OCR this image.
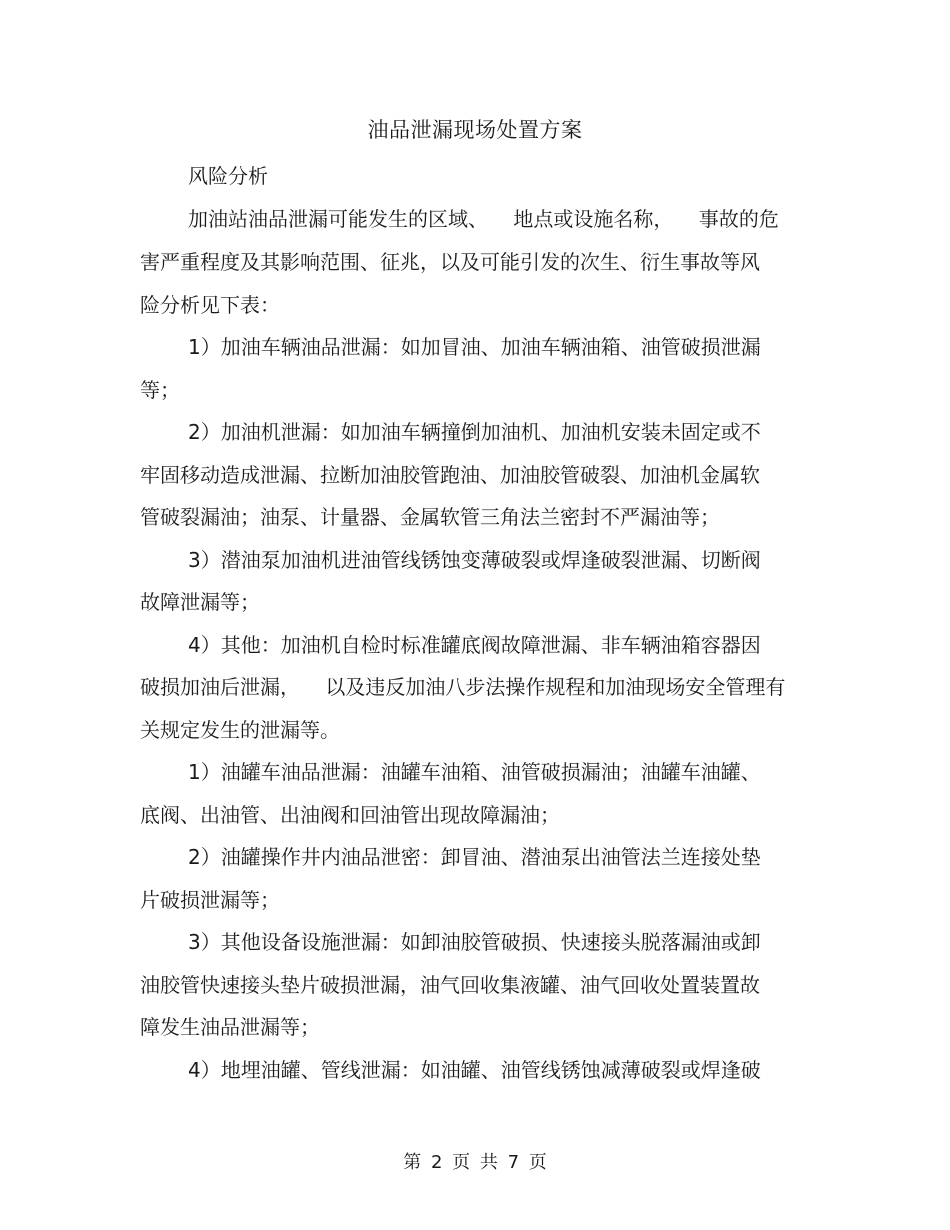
油品泄漏现场处置方案
风险分析
加油站油品泄漏可能发生的区域、    地点或设施名称，    事故的危
害严重程度及其影响范围、征兆，以及可能引发的次生、衍生事故等风
险分析见下表：
1）加油车辆油品泄漏：如加冒油、加油车辆油箱、油管破损泄漏
等；
2）加油机泄漏：如加油车辆撞倒加油机、加油机安装未固定或不
牢固移动造成泄漏、拉断加油胶管跑油、加油胶管破裂、加油机金属软
管破裂漏油；油泵、计量器、金属软管三角法兰密封不严漏油等；
3）潜油泵加油机进油管线锈蚀变薄破裂或焊逢破裂泄漏、切断阀
故障泄漏等；
4）其他：加油机自检时标准罐底阀故障泄漏、非车辆油箱容器因
破损加油后泄漏，    以及违反加油八步法操作规程和加油现场安全管理有
关规定发生的泄漏等。
1）油罐车油品泄漏：油罐车油箱、油管破损漏油；油罐车油罐、
底阀、出油管、出油阀和回油管出现故障漏油；
2）油罐操作井内油品泄密：卸冒油、潜油泵出油管法兰连接处垫
片破损泄漏等；
3）其他设备设施泄漏：如卸油胶管破损、快速接头脱落漏油或卸
油胶管快速接头垫片破损泄漏，油气回收集液罐、油气回收处置装置故
障发生油品泄漏等；
4）地埋油罐、管线泄漏：如油罐、油管线锈蚀减薄破裂或焊逢破
第 2 页 共 7 页
